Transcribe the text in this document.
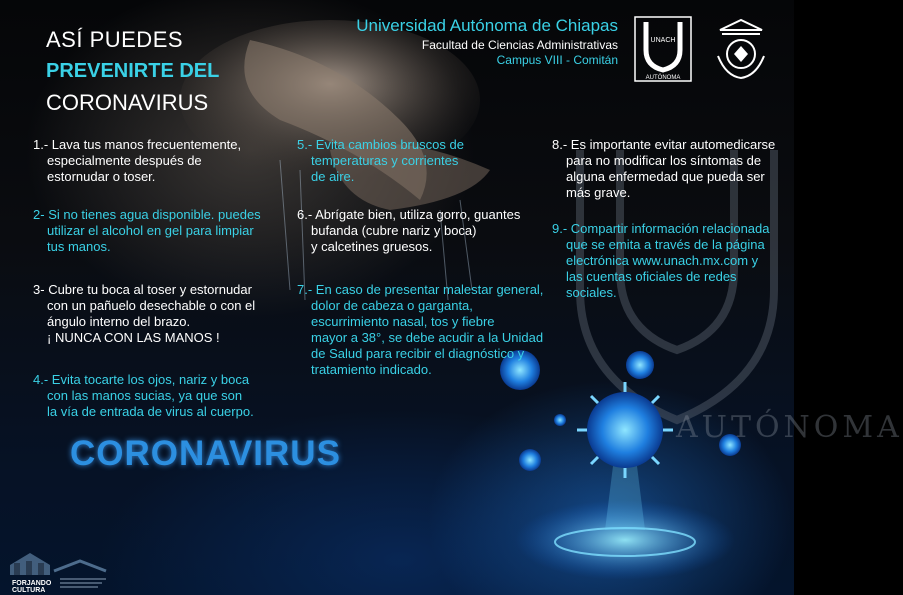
ASÍ PUEDES
PREVENIRTE DEL
CORONAVIRUS
Universidad Autónoma de Chiapas
Facultad de Ciencias Administrativas
Campus VIII - Comitán
UNACH
AUTÓNOMA
1.- Lava tus manos frecuentemente,
especialmente después de
estornudar o toser.
2- Si no tienes agua disponible. puedes
utilizar el alcohol en gel para limpiar
tus manos.
3- Cubre tu boca al toser y estornudar
con un pañuelo desechable o con el
ángulo interno del brazo.
¡ NUNCA CON LAS MANOS !
4.- Evita tocarte los ojos, nariz y boca
con las manos sucias, ya que son
la vía de entrada de virus al cuerpo.
5.- Evita cambios bruscos de
temperaturas y corrientes
de aire.
6.- Abrígate bien, utiliza gorro, guantes
bufanda (cubre nariz y boca)
y calcetines gruesos.
7.- En caso de presentar malestar general,
dolor de cabeza o garganta,
escurrimiento nasal, tos y fiebre
mayor a 38°, se debe acudir a la Unidad
de Salud para recibir el diagnóstico y
tratamiento indicado.
8.- Es importante evitar automedicarse
para no modificar los síntomas de
alguna enfermedad que pueda ser
más grave.
9.- Compartir información relacionada
que se emita a través de la página
electrónica www.unach.mx.com y
las cuentas oficiales de redes
sociales.
CORONAVIRUS
AUTÓNOMA
FORJANDO
CULTURA
